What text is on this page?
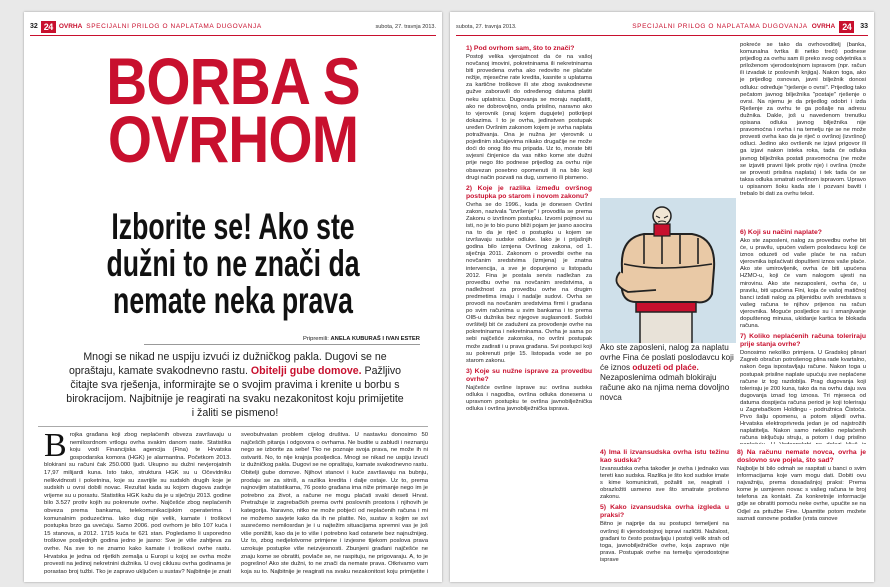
32 24 OVRHA SPECIJALNI PRILOG O NAPLATAMA DUGOVANJA	subota, 27. travnja 2013.
BORBA S
OVRHOM
Izborite se! Ako ste
dužni to ne znači da
nemate neka prava
Pripremili: ANELA KUBURAŠ I IVAN ESTER
Mnogi se nikad ne uspiju izvući iz dužničkog pakla. Dugovi se ne opraštaju, kamate svakodnevno rastu. Obitelji gube domove. Pažljivo čitajte sva rješenja, informirajte se o svojim pravima i krenite u borbu s birokracijom. Najbitnije je reagirati na svaku nezakonitost koju primijetite i žaliti se pismeno!
B rojka građana koji zbog neplaćenih obveza završavaju u nemilosrdnom vrtlogu ovrha svakim danom raste. Statistika koju vodi Financijska agencija (Fina) te Hrvatska gospodarska komora (HGK) je alarmantna. Početkom 2013. blokirani su računi čak 250.000 ljudi. Ukupno su dužni nevjerojatnih 17,97 milijardi kuna. Isto tako, struktura HGK su u Očevidniku nelikvidnosti i poketnina, koje su zavrijile su sudskih drugih koje je sudskih u ovrsi dobili novac. Rezultat kada su kojom dugova zadnje vrijeme su u porastu. Statistika HGK kažu da je u siječnju 2013. godine bilo 3.527 protiv kojih su pokrenute ovrhe. Najčešće zbog neplaćenih obveza prema bankama, telekomunikacijskim operaterima i komunalnim poduzećima. Iako dug nije velik, kamate i troškovi postupka brzo ga uvećaju. Samo 2006. pod ovrhom je bilo 107 kuća i 15 stanova, a 2012. 1715 kuća te 621 stan. Pogledamo li usporedno troškove posljednjih godina jedno je jasno: Sve je više zahtjeva za ovrhe. Na sve to ne znamo kako kamate i troškovi ovrhe rastu. Hrvatska je jedna od rijetkih zemalja u Europi u kojoj se ovrha može provesti na jedinoj nekretnini dužnika. U ovoj ciklusu ovrha godinama je porastao broj tužbi. Tko je zapravo uključen u sustav? Najbitnije je znati sveobuhvatan problem cijelog društva. U nastavku donosimo 50 najčešćih pitanja i odgovora o ovrhama. Ne budite u zabludi i neznanju nego se izborite za sebe! Tko ne poznaje svoja prava, ne može ih ni ostvariti. No, to nije krajnja posljedica. Mnogi se nikad ne uspiju izvući iz dužničkog pakla. Dugovi se ne opraštaju, kamate svakodnevno rastu. Obitelji gube domove. Njihovi stanovi i kuće završavaju na bubnju, prodaju se za sitniš, a razlika kredita i dalje ostaje. Uz to, prema najnovijim statistikama, 76 posto građana ima niže primanje nego im je potrebno za život, a račune ne mogu plaćati svaki deseti Hrvat. Pretražuje iz zagrebačkih prema ovrhi poslovnih prostora i njihovih je kategorija. Naravno, nitko ne može pobjeći od neplaćenih računa i mi ne možemo savjete kako da ih ne platite. No, sustav s kojim se svi susrećemo nemilosrdan je i u najtežim situacijama spremni vas je još više ponižiti, kao da je to više i potrebno kad ostanete bez najnužnijeg. Uz to, zbog nedjelotvorne primjene i izvjesne tijekom poslova prava uzrokuje postupke više neizvjesnosti. Zbunjeni građani najčešće ne znaju kome se obratiti, povlače se, ne raspituju, ne prigovaraju. A, to je pogrešno! Ako ste dužni, to ne znači da nemate prava. Otkrivamo vam koja su to. Najbitnije je reagirati na svaku nezakonitost koju primijetite i
subota, 27. travnja 2013.	SPECIJALNI PRILOG O NAPLATAMA DUGOVANJA OVRHA 24	33
1) Pod ovrhom sam, što to znači?

Postoji velika vjerojatnost da će na vašoj novčanoj imovini, pokretninama ili nekretninama biti provedena ovrha ako redovito ne plaćate režije, mjesečne rate kredita, kasnite s uplatama za kartične troškove ili ste zbog svakodnevne gužve zaboravili do određenog datuma platiti neku uplatnicu. Dugovanja se moraju naplatiti, ako ne dobrovoljno, onda prisilno, naravno ako to vjerovnik (onaj kojem dugujete) potkrijepi dokazima. I to je ovrha, jedinstven postupak uređen Ovršnim zakonom kojem je svrha naplata potraživanja. Ona je nužna jer vjerovnik u pojedinim slučajevima nikako drugačije ne može doći do onog što mu pripada. Uz to, morate biti svjesni činjenice da vas nitko kome ste dužni prije nego što podnese prijedlog za ovrhu nije obavezan posebno opomenuti ili na bilo koji drugi način pozvati na dug, usmeno ili pismeno.

2) Koje je razlika između ovršnog postupka po starom i novom zakonu?

Ovrha se do 1996., kada je donesen Ovršni zakon, nazivala "izvršenje" i provodila se prema Zakonu o izvršnom postupku. Izvorni pojmovi su isti, no je to bio puno bliži pojam jer jasno asocira na to da je riječ o postupku u kojem se izvršavaju sudske odluke. Iako je i prijašnjih godina bilo izmjena Ovršnog zakona, od 1. siječnja 2011. Zakonom o provedbi ovrhe na novčanim sredstvima (izmjena) je znatna intervencija, a sve je dopunjeno u listopadu 2012. Fina je postala servis nadležan za provedbu ovrhe na novčanim sredstvima, a nadležnost za provedbu ovrhe na drugim predmetima imaju i nadalje sudovi. Ovrha se provodi na novčanim sredstvima firmi i građana po svim računima u svim bankama i to prema OIB-u dužnika bez njegove suglasnosti. Sudski ovršitelji bit će zaduženi za provođenje ovrhe na pokretninama i nekretninama. Ovrha je sama po sebi najčešće zakonska, no ovršni postupak može zadirati i u prava građana. Svi postupci koji su pokrenuti prije 15. listopada vode se po starom zakonu.

3) Koje su nužne isprave za provedbu ovrhe?

Najčešće ovršne isprave su: ovršna sudska odluka i nagodba, ovršna odluka donesena u upravnom postupku te ovršna javnobilježnička odluka i ovršna javnobilježnička isprava.

pokreće se tako da ovrhovoditelj (banka, komunalna tvrtka ili netko treći) podnese prijedlog za ovrhu sam ili preko svog odvjetnika s priloženom vjerodostojnom ispravom (npr. račun ili izvadak iz poslovnih knjiga). Nakon toga, ako je prijedlog osnovan, javni bilježnik donosi odluku: određuje "rješenje o ovrsi". Prijedlog tako pečatom javnog bilježnika "postaje" rješenje o ovrsi. Na njemu je da prijedlog odobri i izda Rješenje za ovrhu te ga pošalje na adresu dužnika. Dakle, još u navedenom trenutku opisana odluka javnog bilježnika nije pravomoćna i ovrha i na temelju nje se ne može provesti ovrha kao da je riječ o ovršnoj (izvršnoj) odluci. Jedino ako ovršenik ne izjavi prigovor ili ga izjavi nakon isteka roka, tada će odluka javnog bilježnika postati pravomoćna (ne može se izjaviti pravni lijek protiv nje) i ovršna (može se provesti prisilna naplata) i tek tada će se taksa odluka smatrati ovršnom ispravom. Upravo u opisanom šoku kada ste i pozvani baviti i trebalo bi dati za ovrhu tekst.

Ako ste zaposleni, nalog za naplatu ovrhe Fina će poslati poslodavcu koji će iznos oduzeti od plaće. Nezaposlenima odmah blokiraju račune ako na njima nema dovoljno novca
6) Koji su načini naplate?

Ako ste zaposleni, nalog za provedbu ovrhe bit će, u pravilu, upućen vašem poslodavcu koji će iznos oduzeti od vaše plaće te na račun vjerovnika isplaćivati dopušteni iznos vaše plaće. Ako ste umirovljenik, ovrha će biti upućena HZMO-u, koji će vam nalogom ujesti na mirovinu. Ako ste nezaposleni, ovrha će, u pravilu, biti upućena Fini, koja će vašoj matičnoj banci izdati nalog za plijenidbu svih sredstava s vašeg računa te njihov prijenos na račun vjerovnika. Moguće posljedice su i smanjivanje dopuštenog minusa, ukidanje kartica te blokada računa.

7) Koliko neplaćenih računa toleriraju prije stanja ovrhe?

Donosimo nekoliko primjera. U Gradskoj plinari Zagreb obračun potrošenog plina rade kvartalno, nakon čega ispostavljaju račune. Nakon toga u postupak prisilne naplate upućuju sve neplaćene račune iz tog razdoblja. Prag dugovanja koji toleriraju je 200 kuna, tako da na ovrhu daju sva dugovanja iznad tog iznosa. Tri mjeseca od datuma dospijeća računa period je koji toleriraju u Zagrebačkom Holdingu - podružnica Čistoća. Prvo šalju opomenu, a potom slijedi ovrha. Hrvatska elektroprivreda jedan je od najstrožih naplatitelja. Nakon samo nekoliko neplaćenih računa isključuju struju, a potom i dug prisilno

4) Ima li izvansudska ovrha istu težinu kao sudska?

Izvansudska ovrha također je ovrha i jednako vas tereti kao sudska. Razlika je što kod sudske imate s kime komunicirati, požaliti se, reagirati i obrazložiti usmeno sve što smatrate protivno zakonu.

5) Kako izvansudska ovrha izgleda u praksi?

Bitno je najprije da su postupci temeljeni na ovršnoj ili vjerodostojnoj ispravi različiti. Nažalost, građani to često postavljaju i postoji velik strah od toga, javnobilježničke ovrhe, koja zapravo nije prava. Postupak ovrhe na temelju vjerodostojne isprave

8) Na računu nemate novca, ovrha je doslovno sve pojela, što sad?

Najbolje bi bilo odmah se raspitati u banci o svim informacijama koje vam mogu dati. Dobiti ovu najvažniju, prema dosadašnjoj praksi: Prema kome je usmjeren novac s vašeg računa te broj telefona za kontakt. Za konkretnije informacije gdje se obratiti pomoću neke ovrhe, upućite se na Odjel za pritužbe Fine. Upamtite potom možete saznati osnovne podatke (vrsta osnove
